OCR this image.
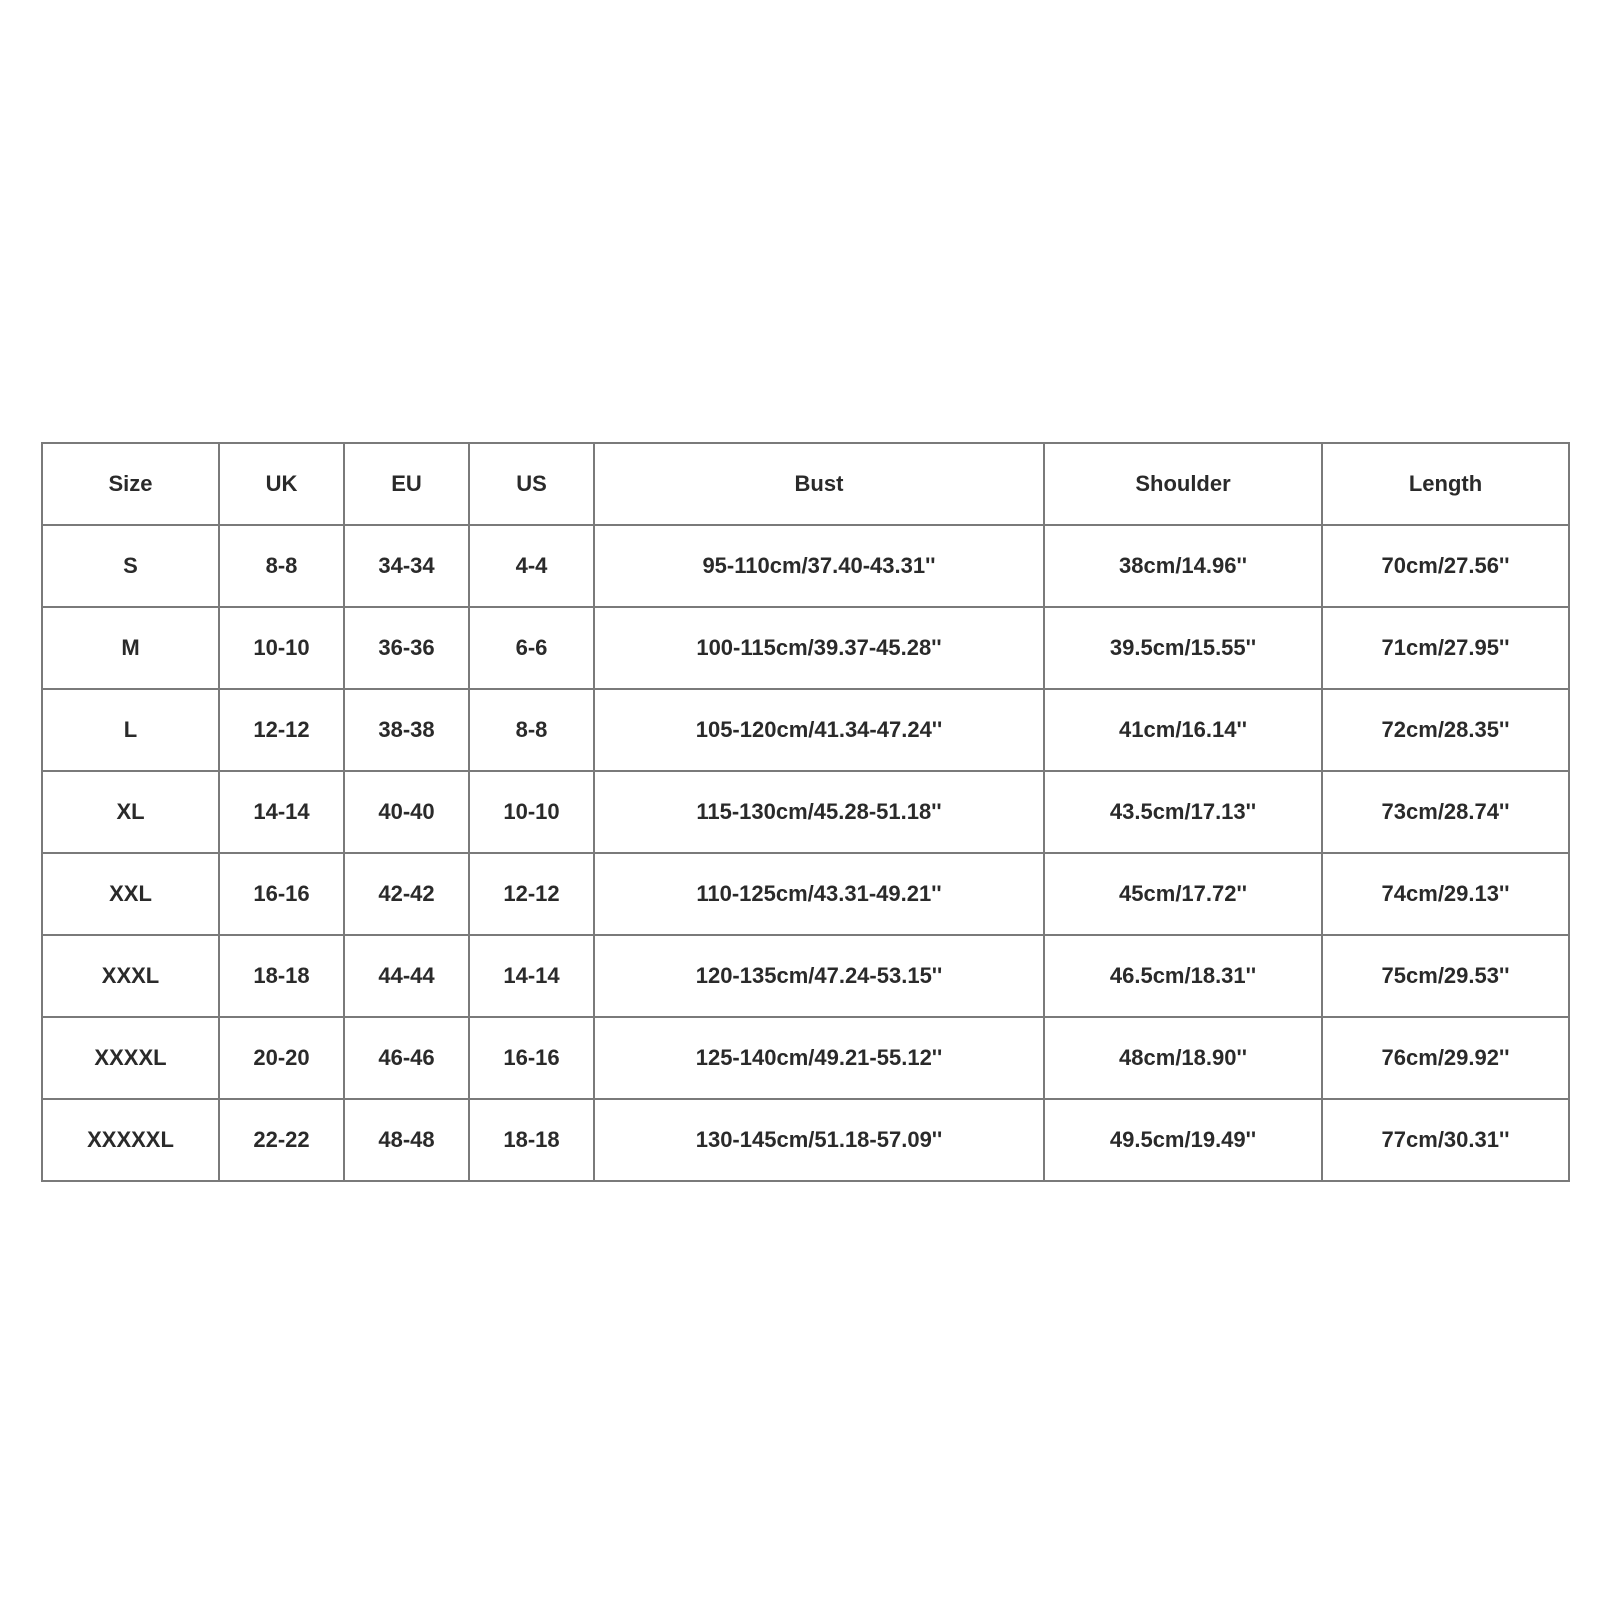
Size	UK	EU	US	Bust	Shoulder	Length
S	8-8	34-34	4-4	95-110cm/37.40-43.31''	38cm/14.96''	70cm/27.56''
M	10-10	36-36	6-6	100-115cm/39.37-45.28''	39.5cm/15.55''	71cm/27.95''
L	12-12	38-38	8-8	105-120cm/41.34-47.24''	41cm/16.14''	72cm/28.35''
XL	14-14	40-40	10-10	115-130cm/45.28-51.18''	43.5cm/17.13''	73cm/28.74''
XXL	16-16	42-42	12-12	110-125cm/43.31-49.21''	45cm/17.72''	74cm/29.13''
XXXL	18-18	44-44	14-14	120-135cm/47.24-53.15''	46.5cm/18.31''	75cm/29.53''
XXXXL	20-20	46-46	16-16	125-140cm/49.21-55.12''	48cm/18.90''	76cm/29.92''
XXXXXL	22-22	48-48	18-18	130-145cm/51.18-57.09''	49.5cm/19.49''	77cm/30.31''
